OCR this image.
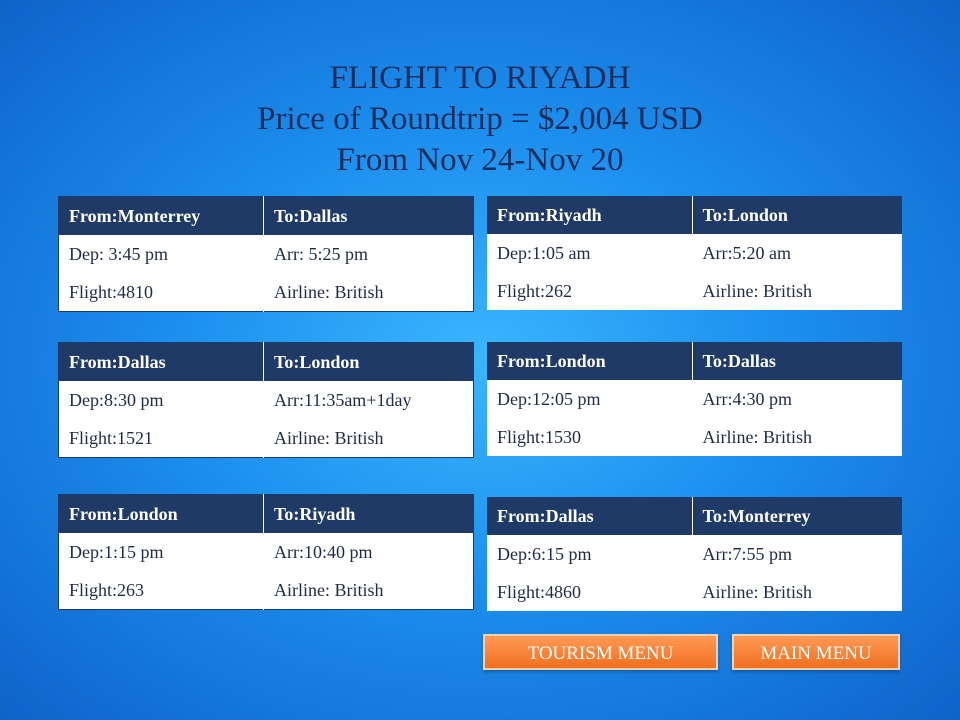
FLIGHT TO RIYADH
Price of Roundtrip = $2,004 USD
From Nov 24-Nov 20
From:Monterrey	To:Dallas
Dep: 3:45 pm	Arr: 5:25 pm
Flight:4810	Airline: British
From:Dallas	To:London
Dep:8:30 pm	Arr:11:35am+1day
Flight:1521	Airline: British
From:London	To:Riyadh
Dep:1:15 pm	Arr:10:40 pm
Flight:263	Airline: British
From:Riyadh	To:London
Dep:1:05 am	Arr:5:20 am
Flight:262	Airline: British
From:London	To:Dallas
Dep:12:05 pm	Arr:4:30 pm
Flight:1530	Airline: British
From:Dallas	To:Monterrey
Dep:6:15 pm	Arr:7:55 pm
Flight:4860	Airline: British
TOURISM MENU	MAIN MENU
